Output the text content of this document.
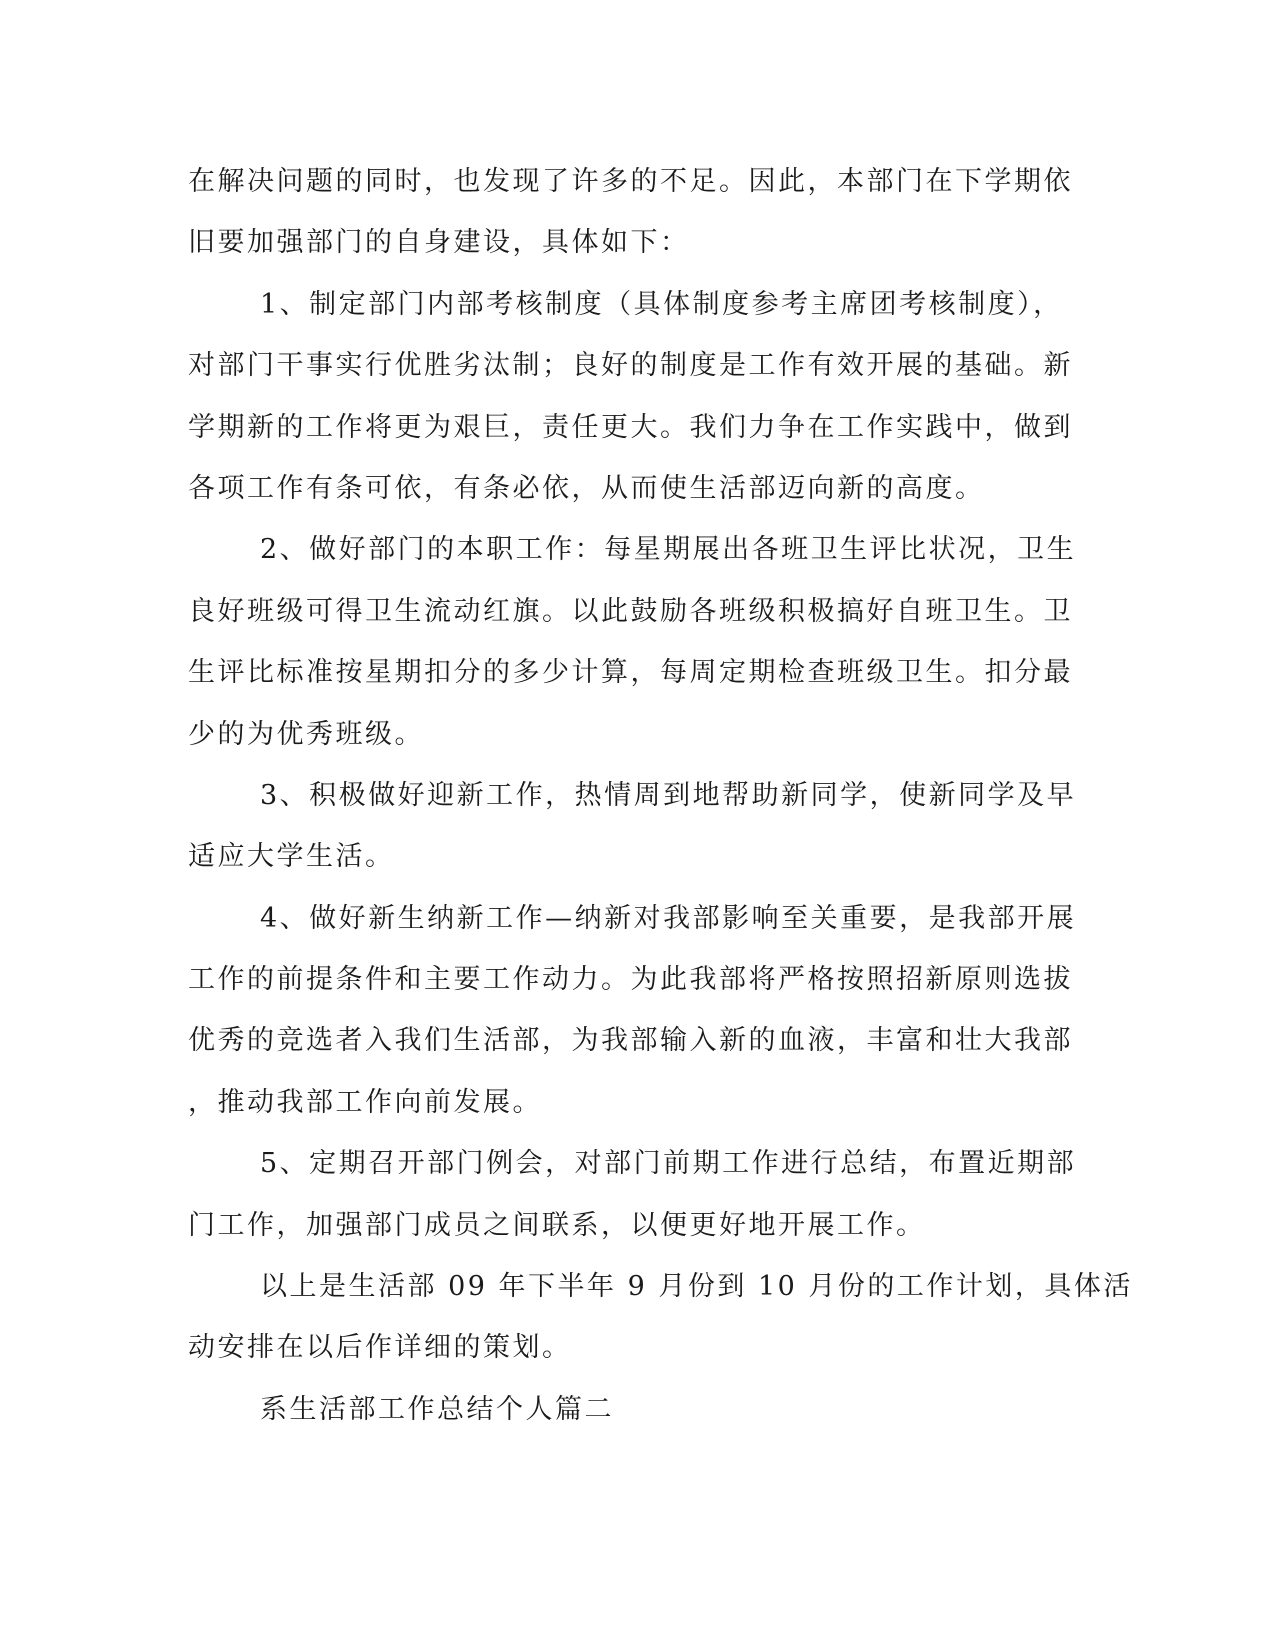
在解决问题的同时，也发现了许多的不足。因此，本部门在下学期依
旧要加强部门的自身建设，具体如下：
1、制定部门内部考核制度（具体制度参考主席团考核制度），
对部门干事实行优胜劣汰制；良好的制度是工作有效开展的基础。新
学期新的工作将更为艰巨，责任更大。我们力争在工作实践中，做到
各项工作有条可依，有条必依，从而使生活部迈向新的高度。
2、做好部门的本职工作：每星期展出各班卫生评比状况，卫生
良好班级可得卫生流动红旗。以此鼓励各班级积极搞好自班卫生。卫
生评比标准按星期扣分的多少计算，每周定期检查班级卫生。扣分最
少的为优秀班级。
3、积极做好迎新工作，热情周到地帮助新同学，使新同学及早
适应大学生活。
4、做好新生纳新工作—纳新对我部影响至关重要，是我部开展
工作的前提条件和主要工作动力。为此我部将严格按照招新原则选拔
优秀的竞选者入我们生活部，为我部输入新的血液，丰富和壮大我部
，推动我部工作向前发展。
5、定期召开部门例会，对部门前期工作进行总结，布置近期部
门工作，加强部门成员之间联系，以便更好地开展工作。
以上是生活部 09 年下半年 9 月份到 10 月份的工作计划，具体活
动安排在以后作详细的策划。
系生活部工作总结个人篇二
